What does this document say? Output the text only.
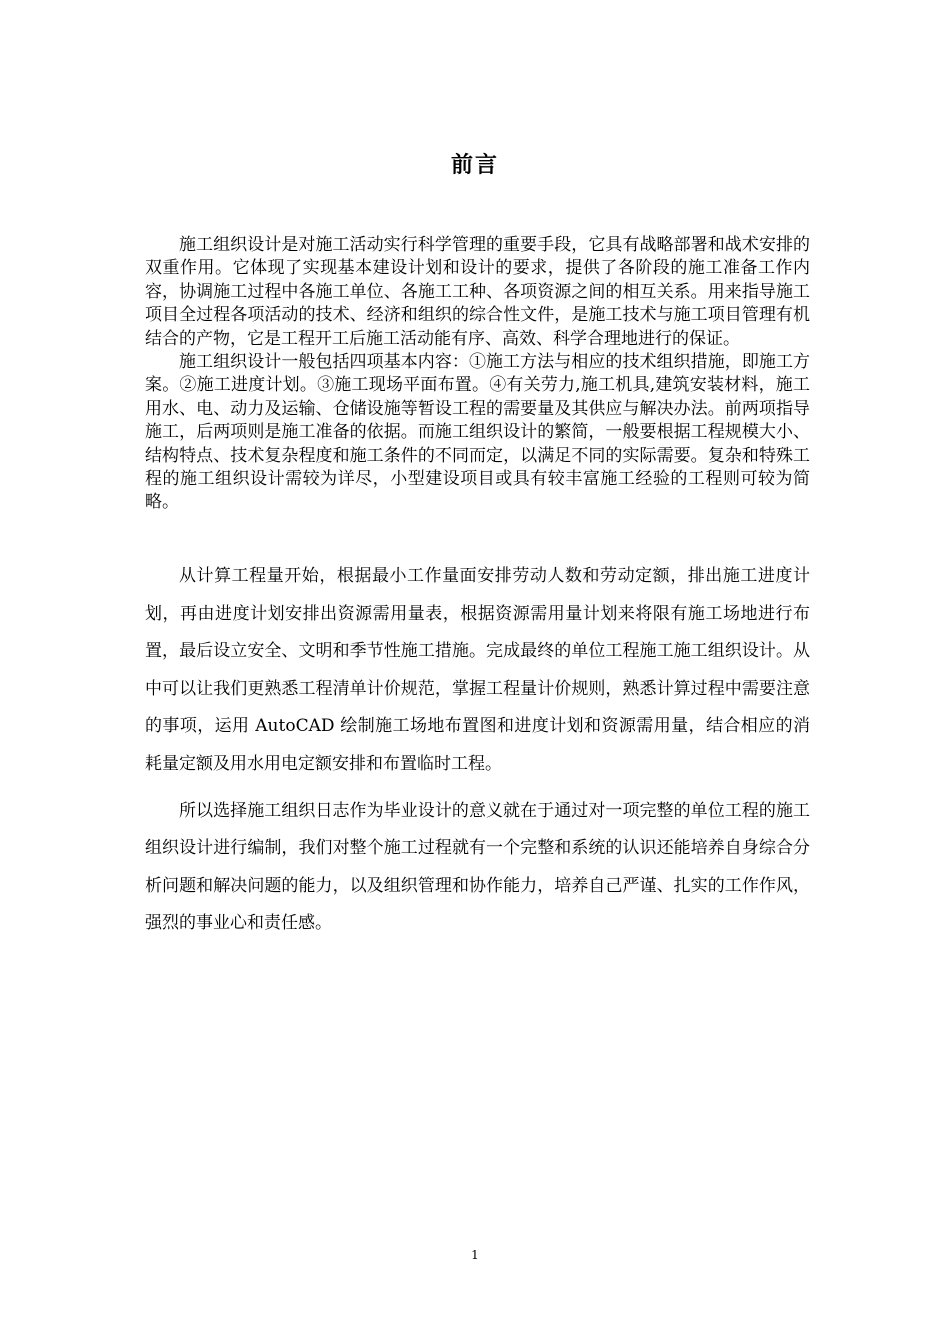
前言

施工组织设计是对施工活动实行科学管理的重要手段，它具有战略部署和战术安排的双重作用。它体现了实现基本建设计划和设计的要求，提供了各阶段的施工准备工作内容，协调施工过程中各施工单位、各施工工种、各项资源之间的相互关系。用来指导施工项目全过程各项活动的技术、经济和组织的综合性文件，是施工技术与施工项目管理有机结合的产物，它是工程开工后施工活动能有序、高效、科学合理地进行的保证。

施工组织设计一般包括四项基本内容：①施工方法与相应的技术组织措施，即施工方案。②施工进度计划。③施工现场平面布置。④有关劳力,施工机具,建筑安装材料，施工用水、电、动力及运输、仓储设施等暂设工程的需要量及其供应与解决办法。前两项指导施工，后两项则是施工准备的依据。而施工组织设计的繁简，一般要根据工程规模大小、结构特点、技术复杂程度和施工条件的不同而定，以满足不同的实际需要。复杂和特殊工程的施工组织设计需较为详尽，小型建设项目或具有较丰富施工经验的工程则可较为简略。

从计算工程量开始，根据最小工作量面安排劳动人数和劳动定额，排出施工进度计划，再由进度计划安排出资源需用量表，根据资源需用量计划来将限有施工场地进行布置，最后设立安全、文明和季节性施工措施。完成最终的单位工程施工施工组织设计。从中可以让我们更熟悉工程清单计价规范，掌握工程量计价规则，熟悉计算过程中需要注意的事项，运用 AutoCAD 绘制施工场地布置图和进度计划和资源需用量，结合相应的消耗量定额及用水用电定额安排和布置临时工程。

所以选择施工组织日志作为毕业设计的意义就在于通过对一项完整的单位工程的施工组织设计进行编制，我们对整个施工过程就有一个完整和系统的认识还能培养自身综合分析问题和解决问题的能力，以及组织管理和协作能力，培养自己严谨、扎实的工作作风，强烈的事业心和责任感。

1
